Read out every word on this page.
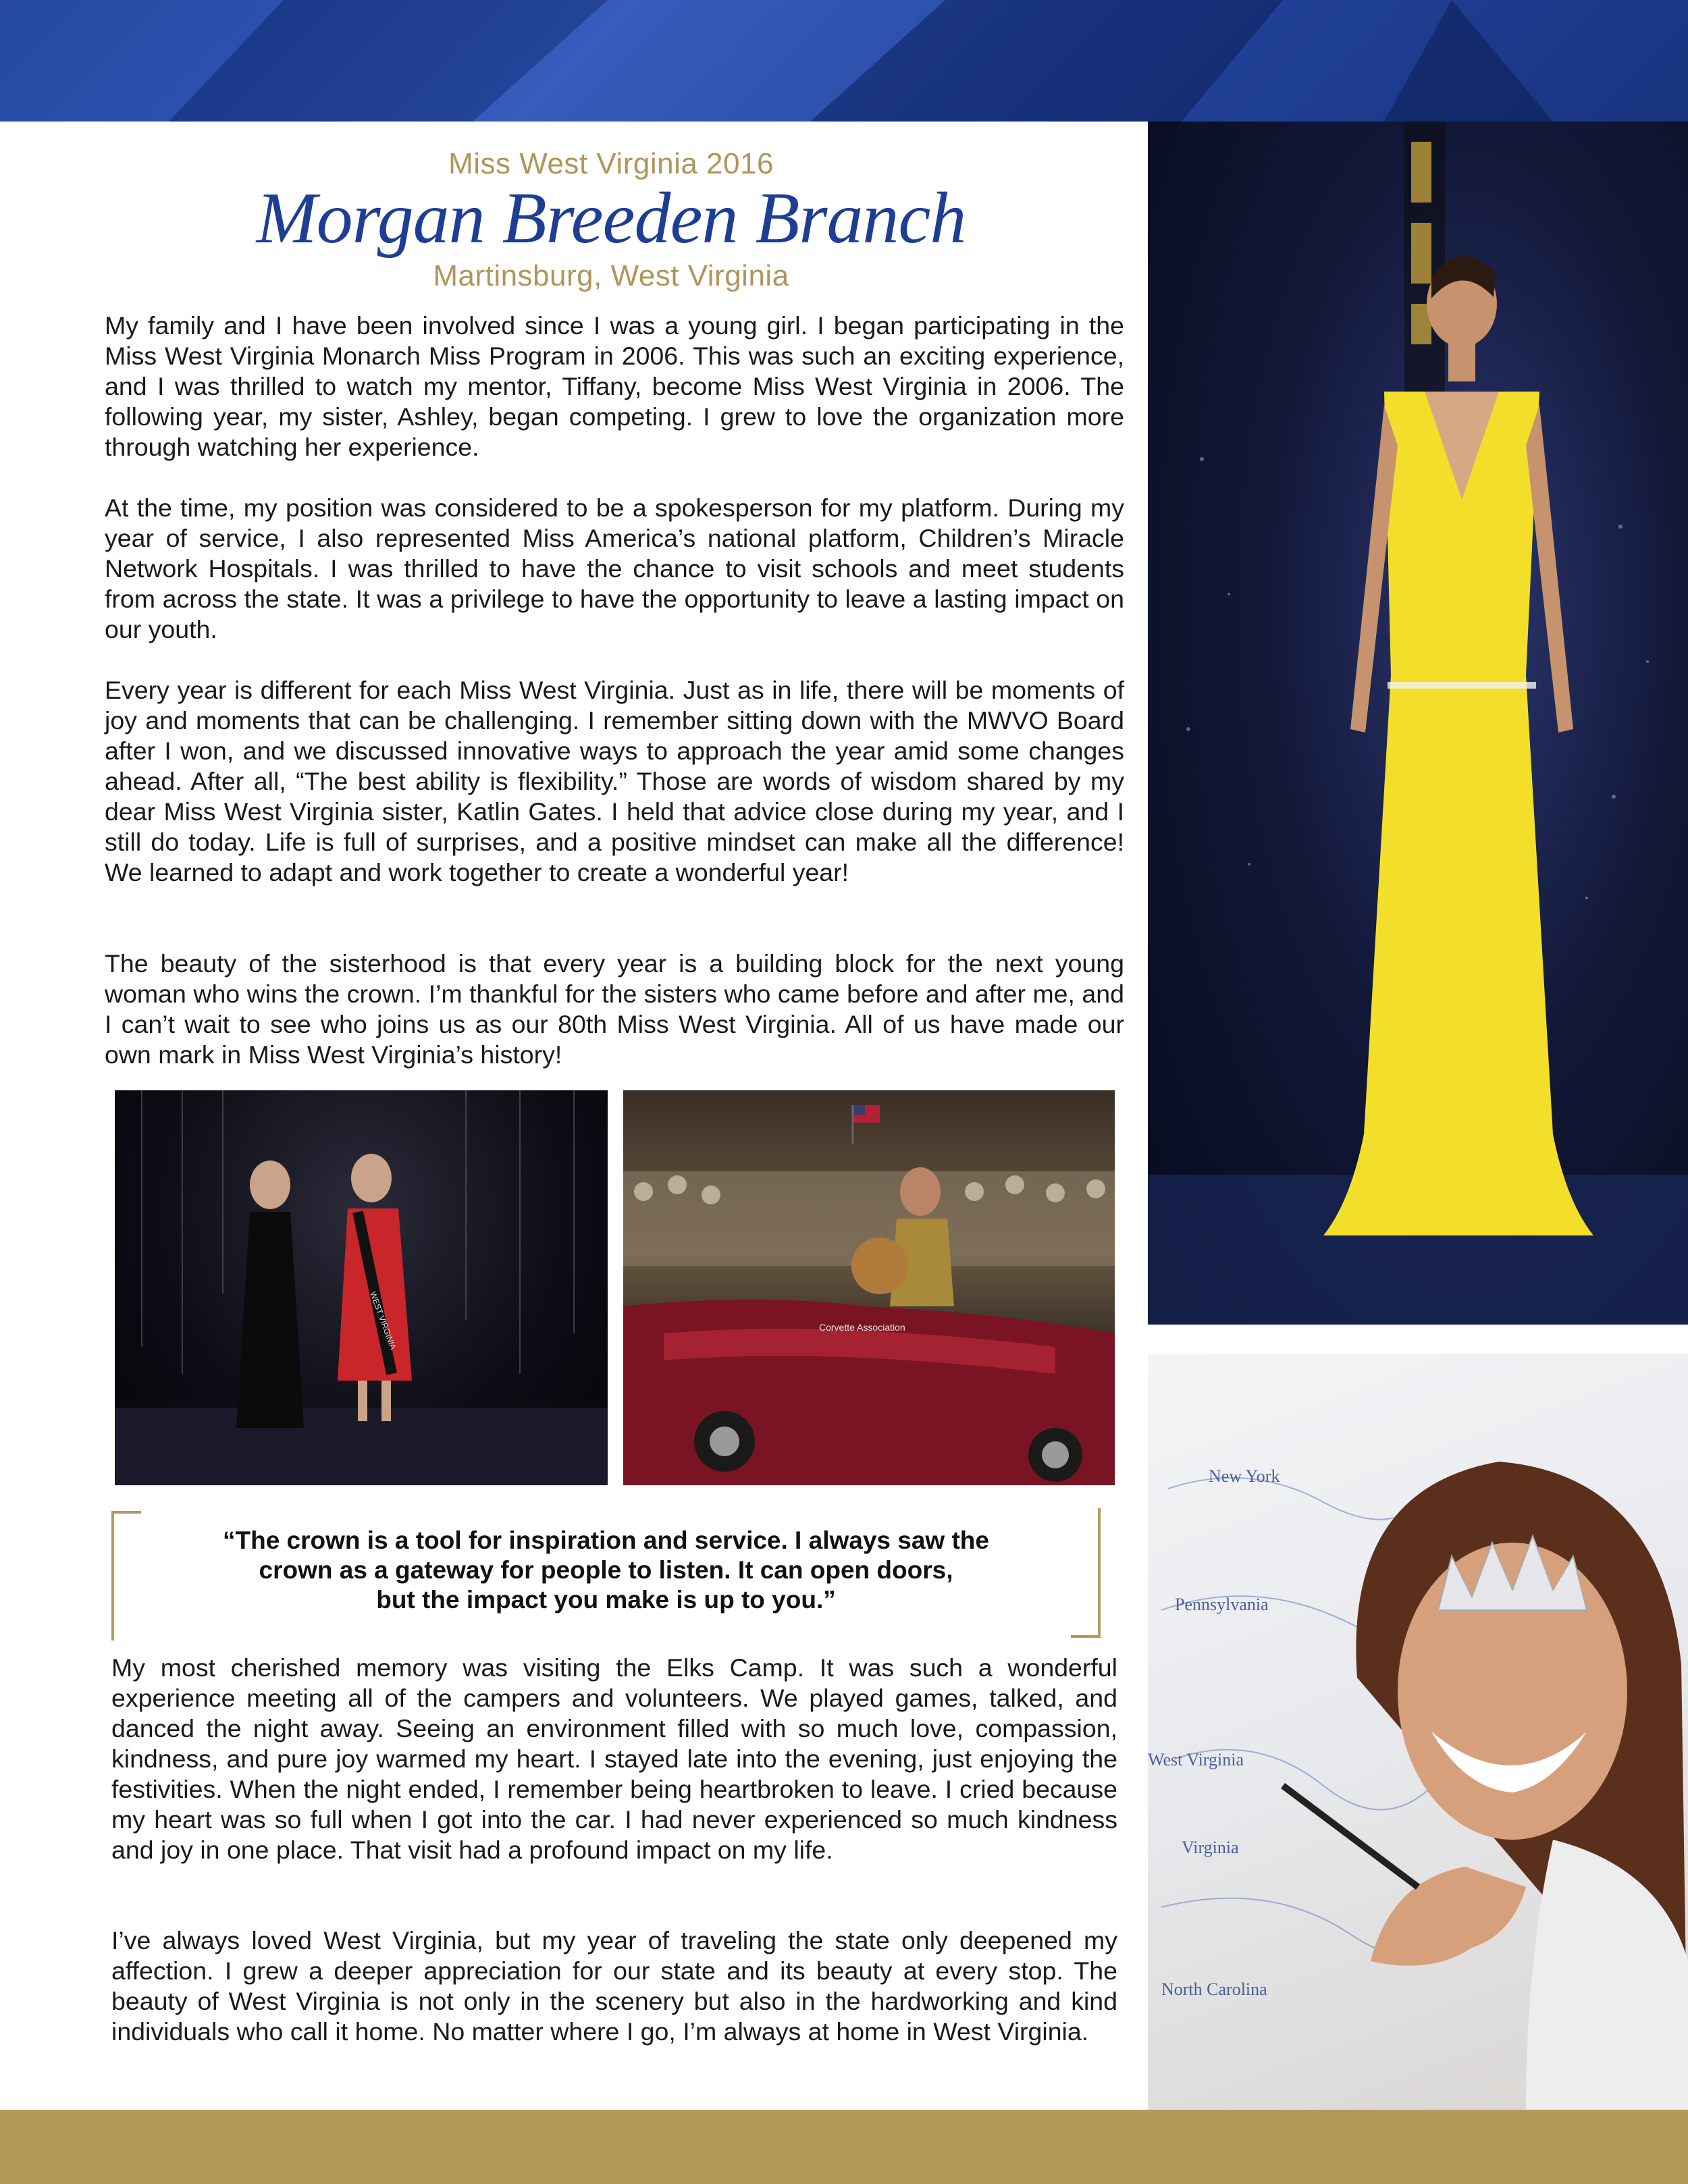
Miss West Virginia 2016
Morgan Breeden Branch
Martinsburg, West Virginia
My family and I have been involved since I was a young girl. I began participating in the Miss West Virginia Monarch Miss Program in 2006. This was such an exciting experience, and I was thrilled to watch my mentor, Tiffany, become Miss West Virginia in 2006. The following year, my sister, Ashley, began competing. I grew to love the organization more through watching her experience.
At the time, my position was considered to be a spokesperson for my platform. During my year of service, I also represented Miss America’s national platform, Children’s Miracle Network Hospitals. I was thrilled to have the chance to visit schools and meet students from across the state. It was a privilege to have the opportunity to leave a lasting impact on our youth.
Every year is different for each Miss West Virginia. Just as in life, there will be moments of joy and moments that can be challenging. I remember sitting down with the MWVO Board after I won, and we discussed innovative ways to approach the year amid some changes ahead. After all, “The best ability is flexibility.” Those are words of wisdom shared by my dear Miss West Virginia sister, Katlin Gates. I held that advice close during my year, and I still do today. Life is full of surprises, and a positive mindset can make all the difference! We learned to adapt and work together to create a wonderful year!
The beauty of the sisterhood is that every year is a building block for the next young woman who wins the crown. I’m thankful for the sisters who came before and after me, and I can’t wait to see who joins us as our 80th Miss West Virginia. All of us have made our own mark in Miss West Virginia’s history!
WEST VIRGINIA	Corvette Association
“The crown is a tool for inspiration and service. I always saw the
crown as a gateway for people to listen. It can open doors,
but the impact you make is up to you.”
My most cherished memory was visiting the Elks Camp. It was such a wonderful experience meeting all of the campers and volunteers. We played games, talked, and danced the night away. Seeing an environment filled with so much love, compassion, kindness, and pure joy warmed my heart. I stayed late into the evening, just enjoying the festivities. When the night ended, I remember being heartbroken to leave. I cried because my heart was so full when I got into the car. I had never experienced so much kindness and joy in one place. That visit had a profound impact on my life.
I’ve always loved West Virginia, but my year of traveling the state only deepened my affection. I grew a deeper appreciation for our state and its beauty at every stop. The beauty of West Virginia is not only in the scenery but also in the hardworking and kind individuals who call it home. No matter where I go, I’m always at home in West Virginia.
New York
Pennsylvania
West Virginia
Virginia
North Carolina
